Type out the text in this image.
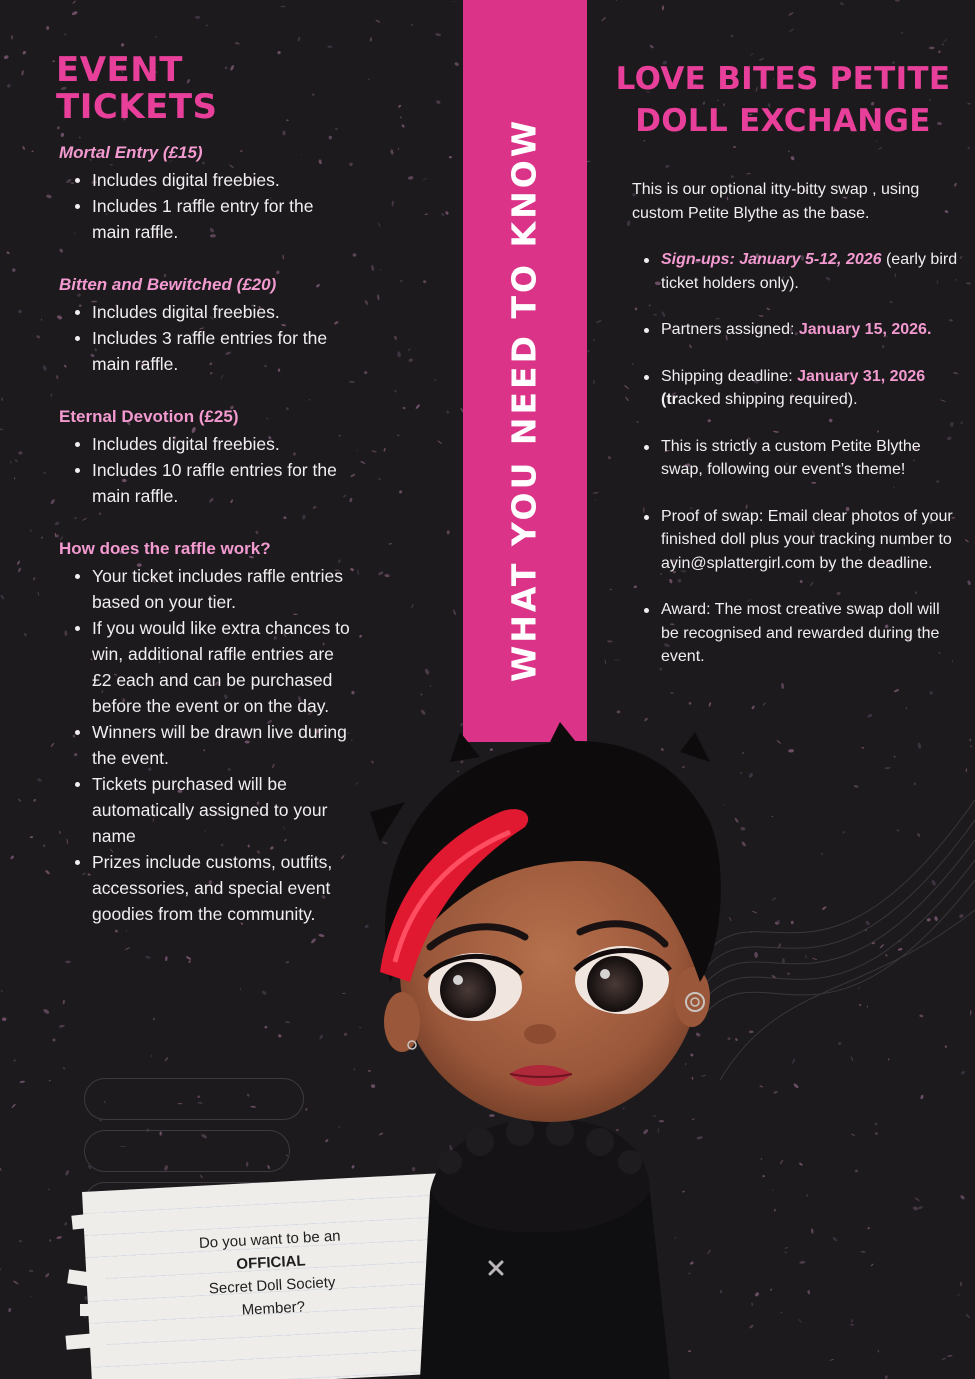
EVENT TICKETS
Mortal Entry (£15)
Includes digital freebies.
Includes 1 raffle entry for the main raffle.
Bitten and Bewitched (£20)
Includes digital freebies.
Includes 3 raffle entries for the main raffle.
Eternal Devotion (£25)
Includes digital freebies.
Includes 10 raffle entries for the main raffle.
How does the raffle work?
Your ticket includes raffle entries based on your tier.
If you would like extra chances to win, additional raffle entries are £2 each and can be purchased before the event or on the day.
Winners will be drawn live during the event.
Tickets purchased will be automatically assigned to your name
Prizes include customs, outfits, accessories, and special event goodies from the community.
WHAT YOU NEED TO KNOW
LOVE BITES PETITE
DOLL EXCHANGE

This is our optional itty-bitty swap , using custom Petite Blythe as the base.

Sign-ups: January 5-12, 2026 (early bird ticket holders only).
Partners assigned: January 15, 2026.
Shipping deadline: January 31, 2026
(tracked shipping required).
This is strictly a custom Petite Blythe swap, following our event’s theme!
Proof of swap: Email clear photos of your finished doll plus your tracking number to ayin@splattergirl.com by the deadline.
Award: The most creative swap doll will be recognised and rewarded during the event.
Do you want to be an
OFFICIAL
Secret Doll Society
Member?
